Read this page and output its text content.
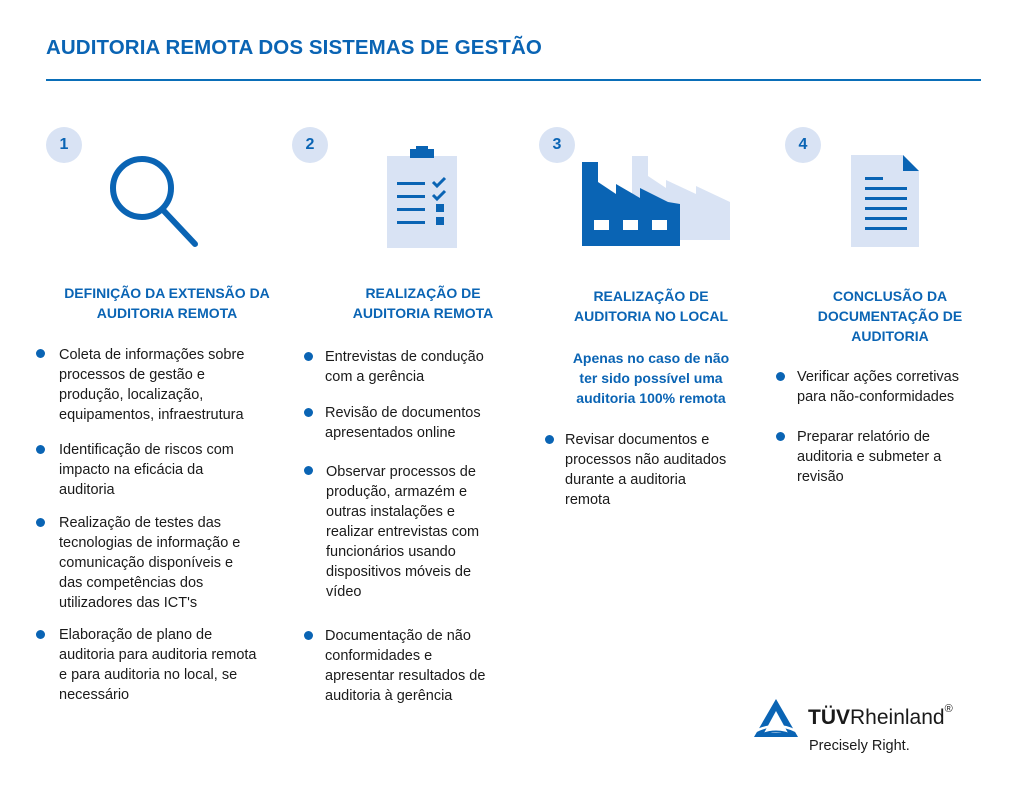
AUDITORIA REMOTA DOS SISTEMAS DE GESTÃO
1	2	3	4
DEFINIÇÃO DA EXTENSÃO DA
AUDITORIA REMOTA
REALIZAÇÃO DE
AUDITORIA REMOTA
REALIZAÇÃO DE
AUDITORIA NO LOCAL
CONCLUSÃO DA
DOCUMENTAÇÃO DE
AUDITORIA
Apenas no caso de não
ter sido possível uma
auditoria 100% remota
Coleta de informações sobre
processos de gestão e
produção, localização,
equipamentos, infraestrutura
Identificação de riscos com
impacto na eficácia da
auditoria
Realização de testes das
tecnologias de informação e
comunicação disponíveis e
das competências dos
utilizadores das ICT's
Elaboração de plano de
auditoria para auditoria remota
e para auditoria no local, se
necessário
Entrevistas de condução
com a gerência
Revisão de documentos
apresentados online
Observar processos de
produção, armazém e
outras instalações e
realizar entrevistas com
funcionários usando
dispositivos móveis de
vídeo
Documentação de não
conformidades e
apresentar resultados de
auditoria à gerência
Revisar documentos e
processos não auditados
durante a auditoria
remota
Verificar ações corretivas
para não-conformidades
Preparar relatório de
auditoria e submeter a
revisão
TÜVRheinland®
Precisely Right.
